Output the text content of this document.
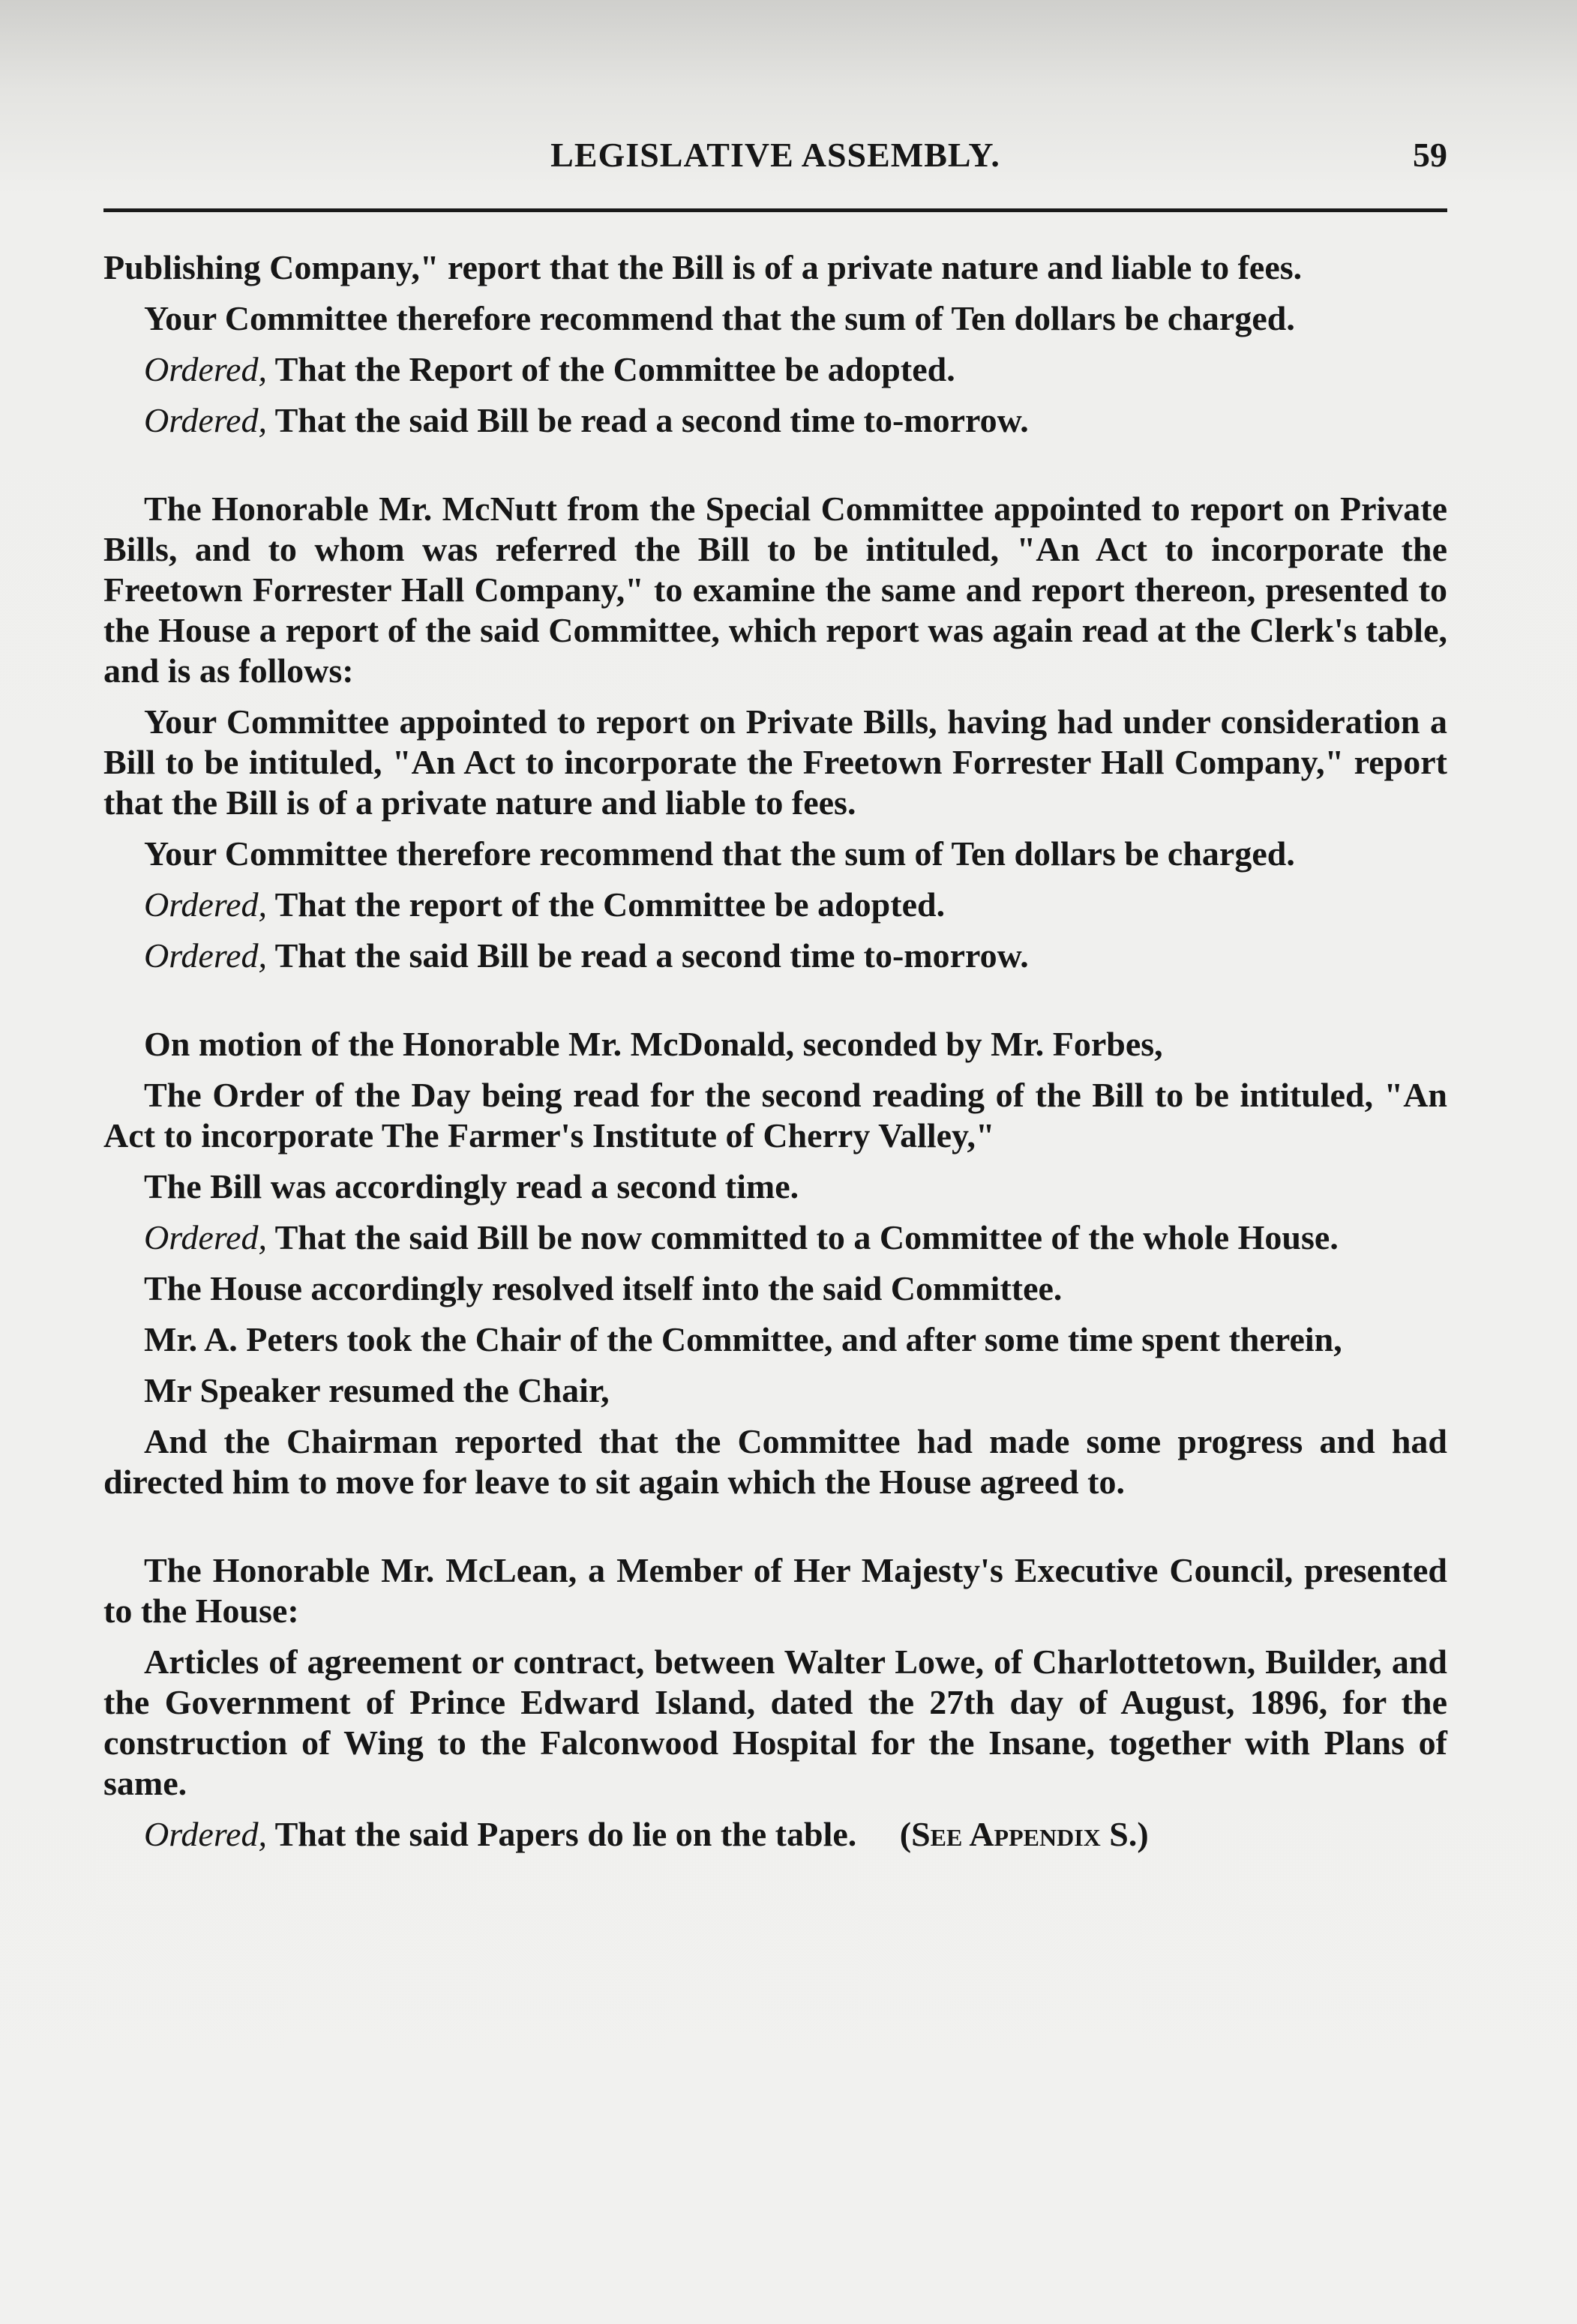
LEGISLATIVE ASSEMBLY.	59

Publishing Company," report that the Bill is of a private nature and liable to fees.

Your Committee therefore recommend that the sum of Ten dollars be charged.

Ordered, That the Report of the Committee be adopted.

Ordered, That the said Bill be read a second time to-morrow.

The Honorable Mr. McNutt from the Special Committee appointed to report on Private Bills, and to whom was referred the Bill to be intituled, "An Act to incorporate the Freetown Forrester Hall Company," to examine the same and report thereon, presented to the House a report of the said Committee, which report was again read at the Clerk's table, and is as follows:

Your Committee appointed to report on Private Bills, having had under consideration a Bill to be intituled, "An Act to incorporate the Freetown Forrester Hall Company," report that the Bill is of a private nature and liable to fees.

Your Committee therefore recommend that the sum of Ten dollars be charged.

Ordered, That the report of the Committee be adopted.

Ordered, That the said Bill be read a second time to-morrow.

On motion of the Honorable Mr. McDonald, seconded by Mr. Forbes,

The Order of the Day being read for the second reading of the Bill to be intituled, "An Act to incorporate The Farmer's Institute of Cherry Valley,"

The Bill was accordingly read a second time.

Ordered, That the said Bill be now committed to a Committee of the whole House.

The House accordingly resolved itself into the said Committee.

Mr. A. Peters took the Chair of the Committee, and after some time spent therein,

Mr Speaker resumed the Chair,

And the Chairman reported that the Committee had made some progress and had directed him to move for leave to sit again which the House agreed to.

The Honorable Mr. McLean, a Member of Her Majesty's Executive Council, presented to the House:

Articles of agreement or contract, between Walter Lowe, of Charlottetown, Builder, and the Government of Prince Edward Island, dated the 27th day of August, 1896, for the construction of Wing to the Falconwood Hospital for the Insane, together with Plans of same.

Ordered, That the said Papers do lie on the table. (See Appendix S.)
